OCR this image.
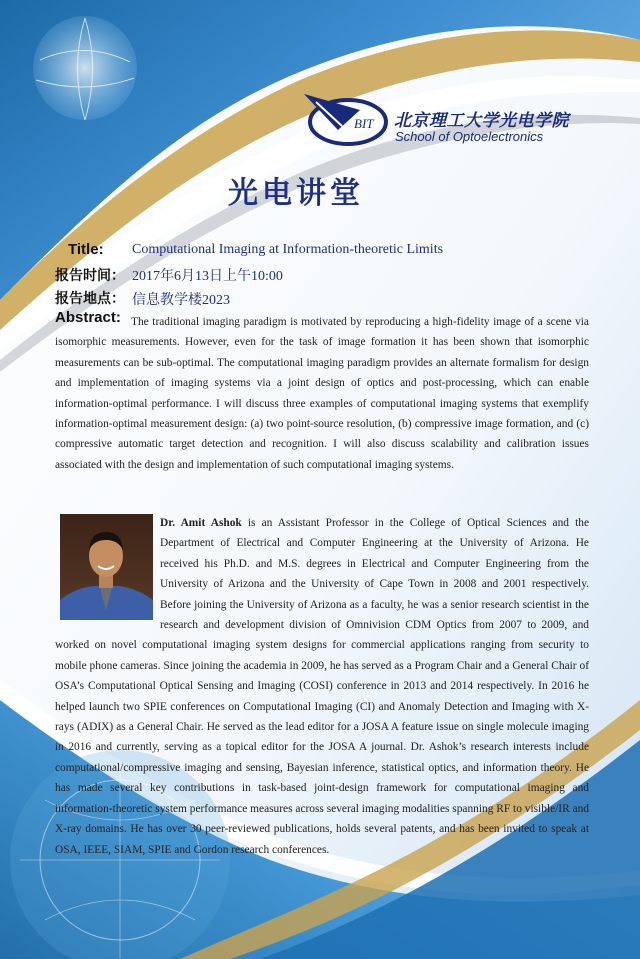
BIT 北京理工大学光电学院
School of Optoelectronics
光电讲堂
Title: Computational Imaging at Information-theoretic Limits
报告时间： 2017年6月13日上午10:00
报告地点： 信息教学楼2023
Abstract: The traditional imaging paradigm is motivated by reproducing a high-fidelity image of a scene via isomorphic measurements. However, even for the task of image formation it has been shown that isomorphic measurements can be sub-optimal. The computational imaging paradigm provides an alternate formalism for design and implementation of imaging systems via a joint design of optics and post-processing, which can enable information-optimal performance. I will discuss three examples of computational imaging systems that exemplify information-optimal measurement design: (a) two point-source resolution, (b) compressive image formation, and (c) compressive automatic target detection and recognition. I will also discuss scalability and calibration issues associated with the design and implementation of such computational imaging systems.

Dr. Amit Ashok is an Assistant Professor in the College of Optical Sciences and the Department of Electrical and Computer Engineering at the University of Arizona. He received his Ph.D. and M.S. degrees in Electrical and Computer Engineering from the University of Arizona and the University of Cape Town in 2008 and 2001 respectively. Before joining the University of Arizona as a faculty, he was a senior research scientist in the research and development division of Omnivision CDM Optics from 2007 to 2009, and worked on novel computational imaging system designs for commercial applications ranging from security to mobile phone cameras. Since joining the academia in 2009, he has served as a Program Chair and a General Chair of OSA’s Computational Optical Sensing and Imaging (COSI) conference in 2013 and 2014 respectively. In 2016 he helped launch two SPIE conferences on Computational Imaging (CI) and Anomaly Detection and Imaging with X-rays (ADIX) as a General Chair. He served as the lead editor for a JOSA A feature issue on single molecule imaging in 2016 and currently, serving as a topical editor for the JOSA A journal. Dr. Ashok’s research interests include computational/compressive imaging and sensing, Bayesian inference, statistical optics, and information theory. He has made several key contributions in task-based joint-design framework for computational imaging and information-theoretic system performance measures across several imaging modalities spanning RF to visible/IR and X-ray domains. He has over 30 peer-reviewed publications, holds several patents, and has been invited to speak at OSA, IEEE, SIAM, SPIE and Gordon research conferences.
